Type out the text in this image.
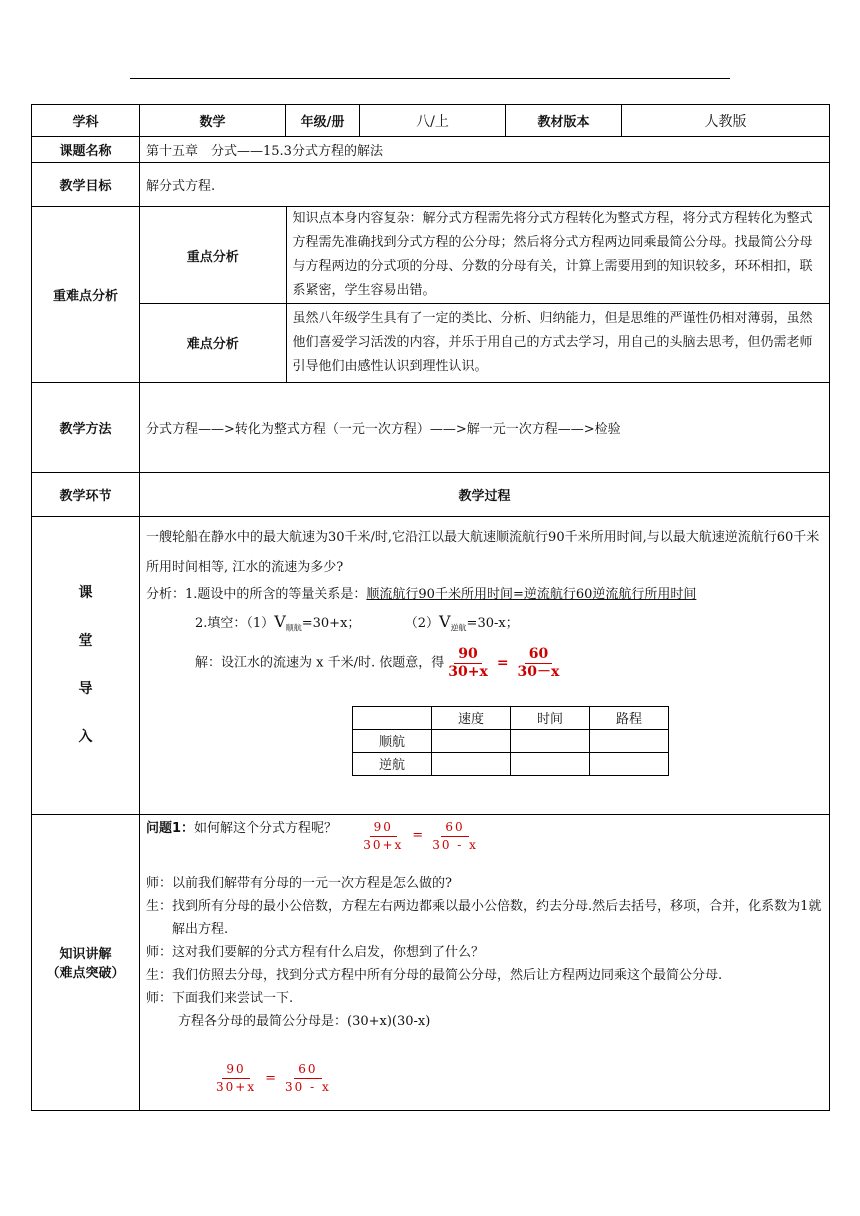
学科	数学	年级/册	八/上	教材版本	人教版
课题名称	第十五章　分式——15.3分式方程的解法
教学目标	解分式方程.
重难点分析	
重点分析	知识点本身内容复杂：解分式方程需先将分式方程转化为整式方程，将分式方程转化为整式方程需先准确找到分式方程的公分母；然后将分式方程两边同乘最简公分母。找最简公分母与方程两边的分式项的分母、分数的分母有关，计算上需要用到的知识较多，环环相扣，联系紧密，学生容易出错。
难点分析	虽然八年级学生具有了一定的类比、分析、归纳能力，但是思维的严谨性仍相对薄弱，虽然他们喜爱学习活泼的内容，并乐于用自己的方式去学习，用自己的头脑去思考，但仍需老师引导他们由感性认识到理性认识。

教学方法	分式方程——>转化为整式方程（一元一次方程）——>解一元一次方程——>检验
教学环节	教学过程

课
堂
导
入

一艘轮船在静水中的最大航速为30千米/时,它沿江以最大航速顺流航行90千米所用时间,与以最大航速逆流航行60千米所用时间相等, 江水的流速为多少?
分析：1.题设中的所含的等量关系是：顺流航行90千米所用时间=逆流航行60逆流航行所用时间
2.填空：$(1)V_{顺航}=30+x$；	$(2)V_{逆航}=30-x$；
解：设江水的流速为 x 千米/时. 依题意，得 $\frac{90}{30+x} = \frac{60}{30-x}$
	速度	时间	路程
顺航			
逆航			

知识讲解
（难点突破）

问题1：如何解这个分式方程呢？ $\frac{90}{30+x} = \frac{60}{30 - x}$
师：以前我们解带有分母的一元一次方程是怎么做的?
生：找到所有分母的最小公倍数，方程左右两边都乘以最小公倍数，约去分母.然后去括号，移项，合并，化系数为1就解出方程.
师：这对我们要解的分式方程有什么启发，你想到了什么？
生：我们仿照去分母，找到分式方程中所有分母的最简公分母，然后让方程两边同乘这个最简公分母.
师：下面我们来尝试一下.
方程各分母的最简公分母是：(30+x)(30-x)
$\frac{90}{30+x} = \frac{60}{30 - x}$
